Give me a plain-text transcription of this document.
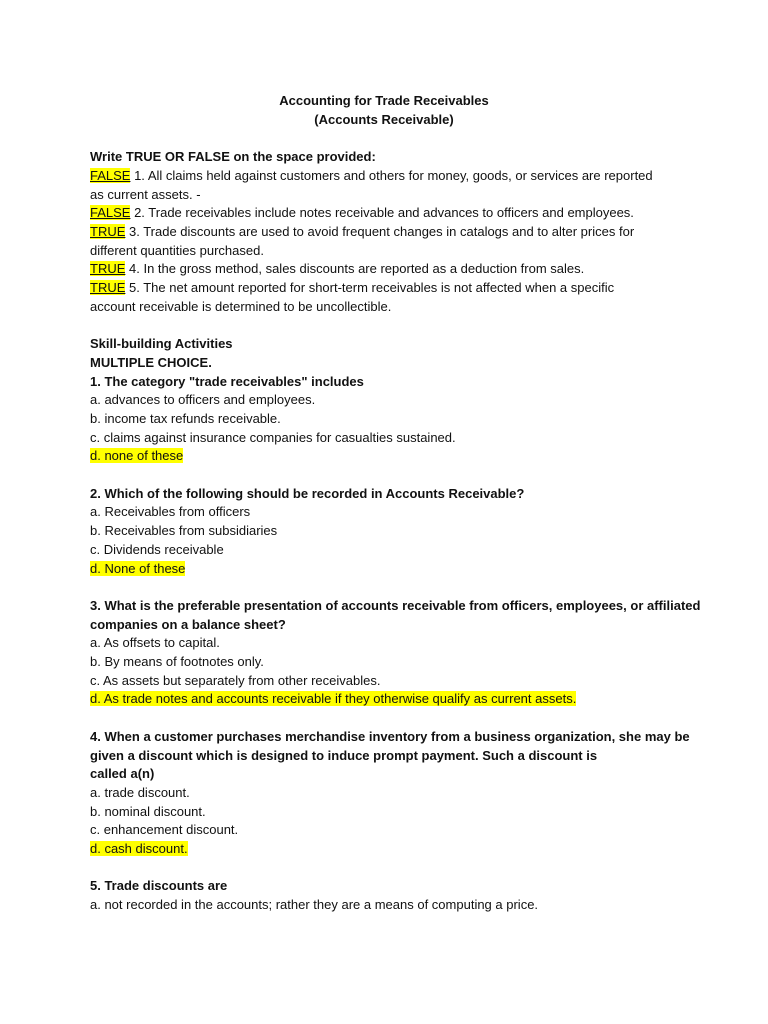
Accounting for Trade Receivables
(Accounts Receivable)
Write TRUE OR FALSE on the space provided:
FALSE 1. All claims held against customers and others for money, goods, or services are reported
as current assets. -
FALSE 2. Trade receivables include notes receivable and advances to officers and employees.
TRUE 3. Trade discounts are used to avoid frequent changes in catalogs and to alter prices for
different quantities purchased.
TRUE 4. In the gross method, sales discounts are reported as a deduction from sales.
TRUE 5. The net amount reported for short-term receivables is not affected when a specific
account receivable is determined to be uncollectible.
Skill-building Activities
MULTIPLE CHOICE.
1. The category "trade receivables" includes
a. advances to officers and employees.
b. income tax refunds receivable.
c. claims against insurance companies for casualties sustained.
d. none of these
2. Which of the following should be recorded in Accounts Receivable?
a. Receivables from officers
b. Receivables from subsidiaries
c. Dividends receivable
d. None of these
3. What is the preferable presentation of accounts receivable from officers, employees, or affiliated
companies on a balance sheet?
a. As offsets to capital.
b. By means of footnotes only.
c. As assets but separately from other receivables.
d. As trade notes and accounts receivable if they otherwise qualify as current assets.
4. When a customer purchases merchandise inventory from a business organization, she may be
given a discount which is designed to induce prompt payment. Such a discount is
called a(n)
a. trade discount.
b. nominal discount.
c. enhancement discount.
d. cash discount.
5. Trade discounts are
a. not recorded in the accounts; rather they are a means of computing a price.
